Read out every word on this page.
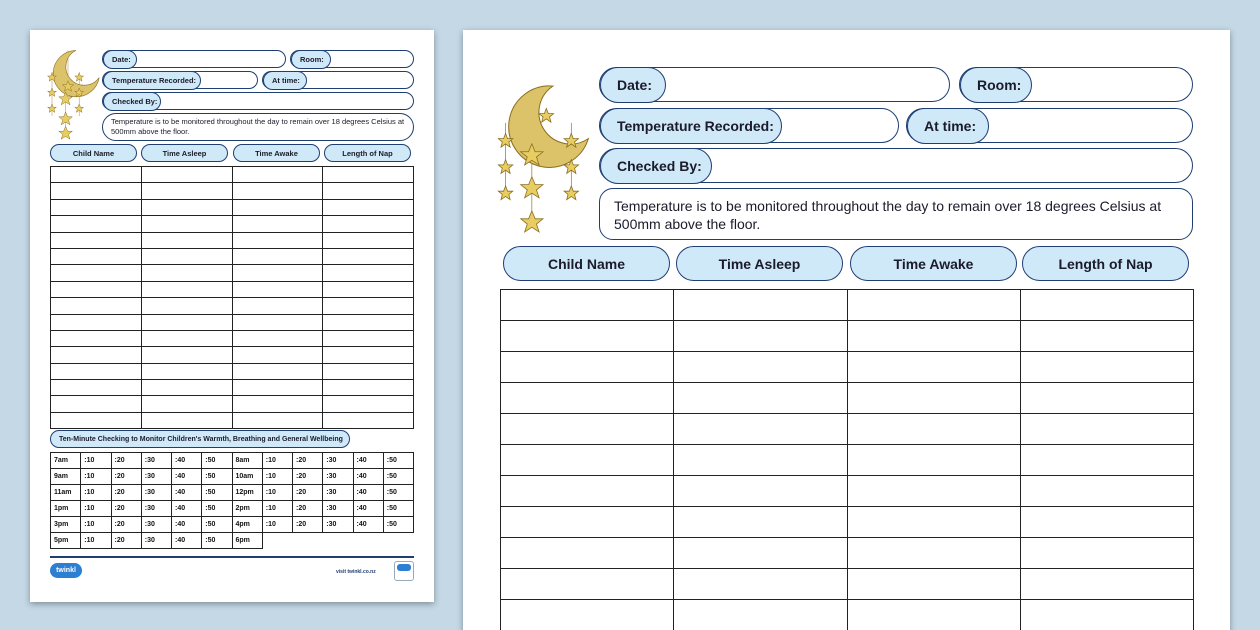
Date:	Room:
Temperature Recorded:	At time:
Checked By:
Temperature is to be monitored throughout the day to remain over 18 degrees Celsius at 500mm above the floor.
Child Name	Time Asleep	Time Awake	Length of Nap

Ten-Minute Checking to Monitor Children's Warmth, Breathing and General Wellbeing
7am	:10	:20	:30	:40	:50	8am	:10	:20	:30	:40	:50
9am	:10	:20	:30	:40	:50	10am	:10	:20	:30	:40	:50
11am	:10	:20	:30	:40	:50	12pm	:10	:20	:30	:40	:50
1pm	:10	:20	:30	:40	:50	2pm	:10	:20	:30	:40	:50
3pm	:10	:20	:30	:40	:50	4pm	:10	:20	:30	:40	:50
5pm	:10	:20	:30	:40	:50	6pm					
twinkl	visit twinkl.co.nz
Date:	Room:
Temperature Recorded:	At time:
Checked By:
Temperature is to be monitored throughout the day to remain over 18 degrees Celsius at 500mm above the floor.
Child Name	Time Asleep	Time Awake	Length of Nap
